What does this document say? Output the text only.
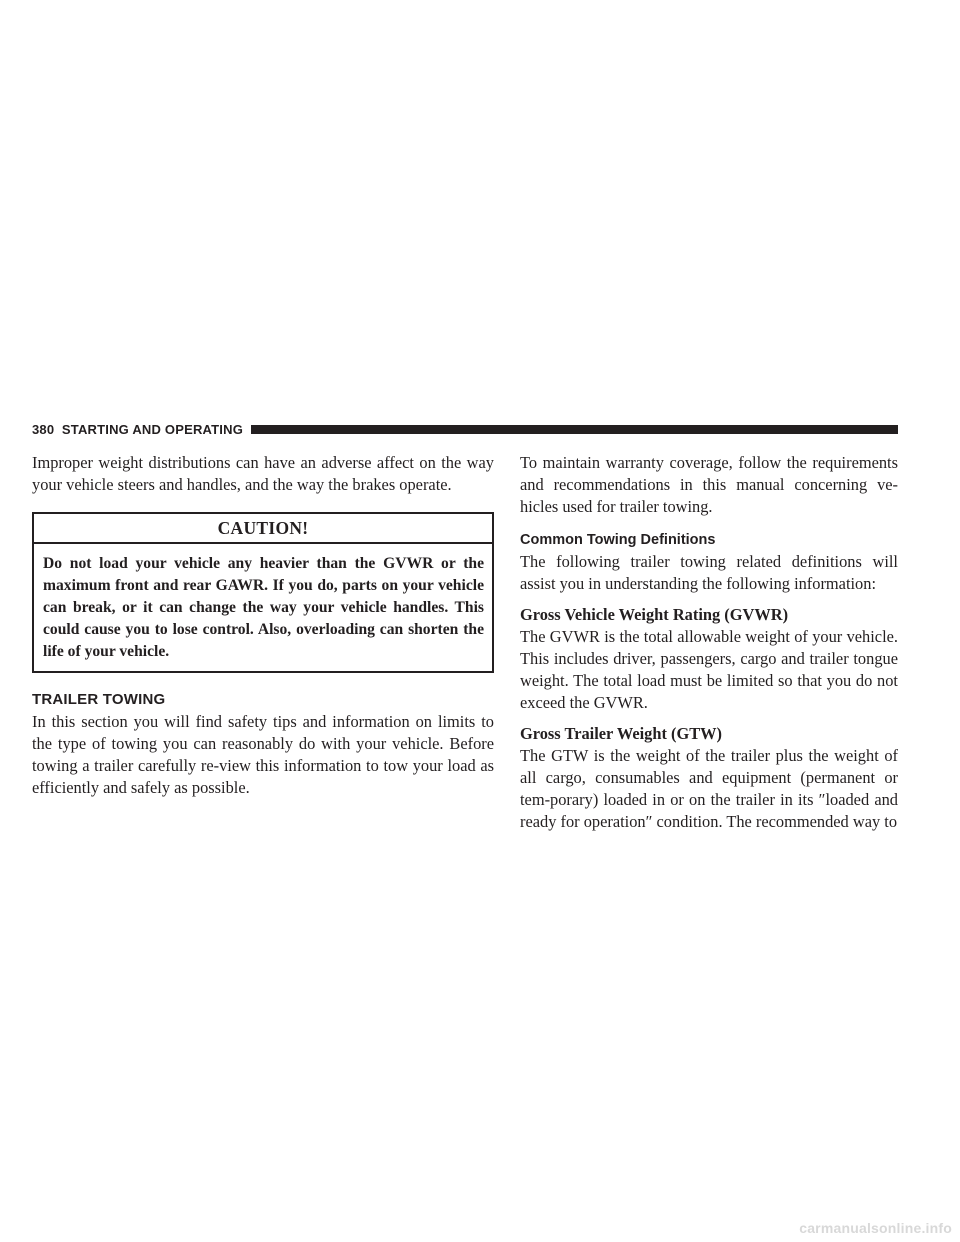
380 STARTING AND OPERATING

Improper weight distributions can have an adverse affect on the way your vehicle steers and handles, and the way the brakes operate.

CAUTION!
Do not load your vehicle any heavier than the GVWR or the maximum front and rear GAWR. If you do, parts on your vehicle can break, or it can change the way your vehicle handles. This could cause you to lose control. Also, overloading can shorten the life of your vehicle.
TRAILER TOWING

In this section you will find safety tips and information on limits to the type of towing you can reasonably do with your vehicle. Before towing a trailer carefully re-view this information to tow your load as efficiently and safely as possible.

To maintain warranty coverage, follow the requirements and recommendations in this manual concerning ve-hicles used for trailer towing.

Common Towing Definitions

The following trailer towing related definitions will assist you in understanding the following information:

Gross Vehicle Weight Rating (GVWR)

The GVWR is the total allowable weight of your vehicle. This includes driver, passengers, cargo and trailer tongue weight. The total load must be limited so that you do not exceed the GVWR.

Gross Trailer Weight (GTW)

The GTW is the weight of the trailer plus the weight of all cargo, consumables and equipment (permanent or tem-porary) loaded in or on the trailer in its ″loaded and ready for operation″ condition. The recommended way to

carmanualsonline.info
